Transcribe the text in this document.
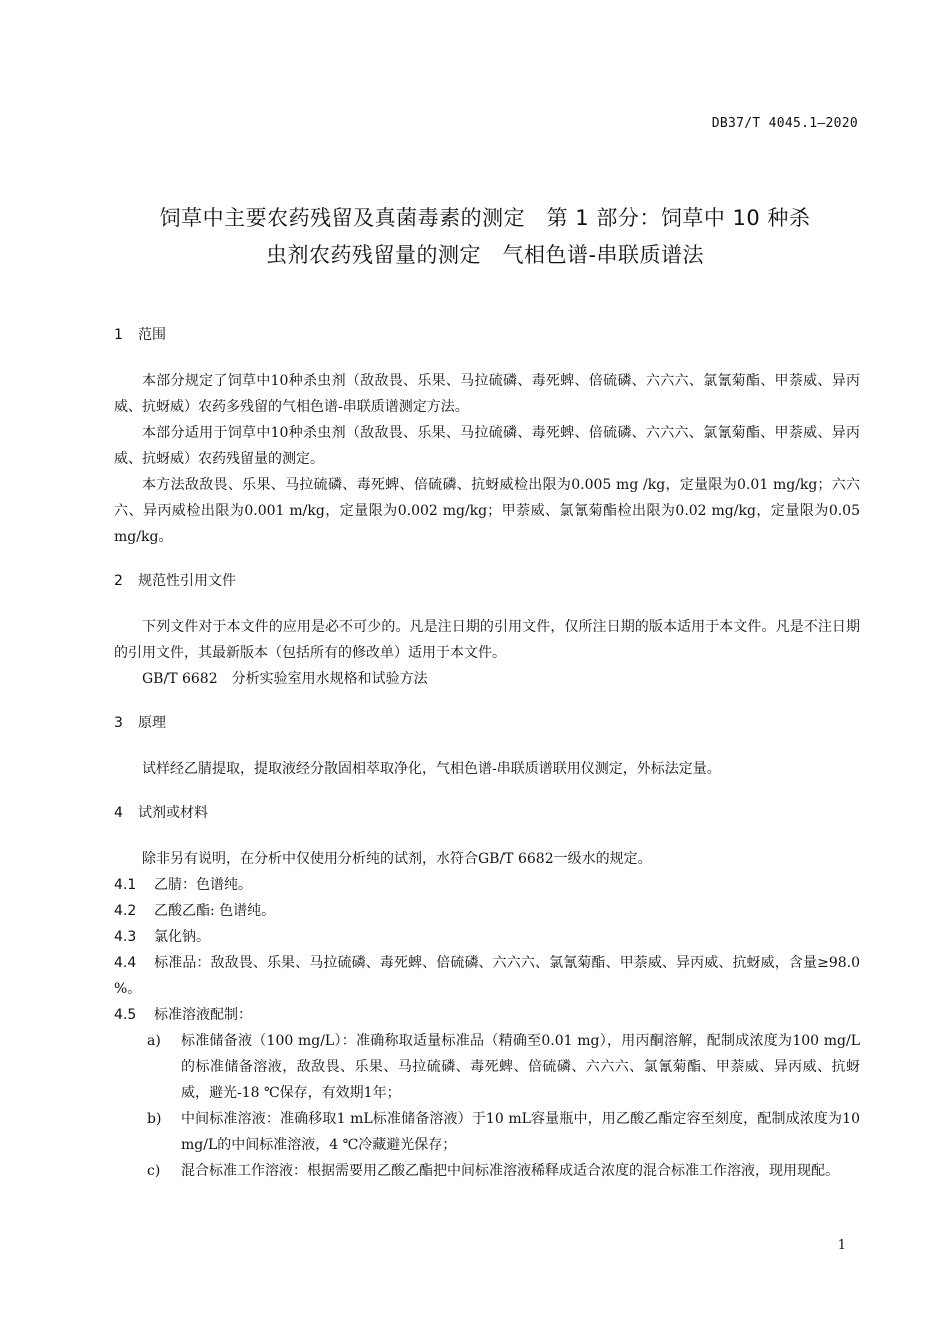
DB37/T 4045.1—2020
饲草中主要农药残留及真菌毒素的测定　第 1 部分：饲草中 10 种杀
虫剂农药残留量的测定　气相色谱-串联质谱法

1 范围

本部分规定了饲草中10种杀虫剂（敌敌畏、乐果、马拉硫磷、毒死蜱、倍硫磷、六六六、氯氰菊酯、甲萘威、异丙威、抗蚜威）农药多残留的气相色谱-串联质谱测定方法。

本部分适用于饲草中10种杀虫剂（敌敌畏、乐果、马拉硫磷、毒死蜱、倍硫磷、六六六、氯氰菊酯、甲萘威、异丙威、抗蚜威）农药残留量的测定。

本方法敌敌畏、乐果、马拉硫磷、毒死蜱、倍硫磷、抗蚜威检出限为0.005 mg /kg，定量限为0.01 mg/kg；六六六、异丙威检出限为0.001 m/kg，定量限为0.002 mg/kg；甲萘威、氯氰菊酯检出限为0.02 mg/kg，定量限为0.05 mg/kg。

2 规范性引用文件

下列文件对于本文件的应用是必不可少的。凡是注日期的引用文件，仅所注日期的版本适用于本文件。凡是不注日期的引用文件，其最新版本（包括所有的修改单）适用于本文件。

GB/T 6682　分析实验室用水规格和试验方法

3 原理

试样经乙腈提取，提取液经分散固相萃取净化，气相色谱-串联质谱联用仪测定，外标法定量。

4 试剂或材料

除非另有说明，在分析中仅使用分析纯的试剂，水符合GB/T 6682一级水的规定。

4.1 乙腈：色谱纯。

4.2 乙酸乙酯: 色谱纯。

4.3 氯化钠。

4.4 标准品：敌敌畏、乐果、马拉硫磷、毒死蜱、倍硫磷、六六六、氯氰菊酯、甲萘威、异丙威、抗蚜威，含量≥98.0 %。

4.5 标准溶液配制：

a) 标准储备液（100 mg/L）：准确称取适量标准品（精确至0.01 mg），用丙酮溶解，配制成浓度为100 mg/L的标准储备溶液，敌敌畏、乐果、马拉硫磷、毒死蜱、倍硫磷、六六六、氯氰菊酯、甲萘威、异丙威、抗蚜威，避光-18 ℃保存，有效期1年；

b) 中间标准溶液：准确移取1 mL标准储备溶液）于10 mL容量瓶中，用乙酸乙酯定容至刻度，配制成浓度为10 mg/L的中间标准溶液，4 ℃冷藏避光保存；

c) 混合标准工作溶液：根据需要用乙酸乙酯把中间标准溶液稀释成适合浓度的混合标准工作溶液，现用现配。

1
